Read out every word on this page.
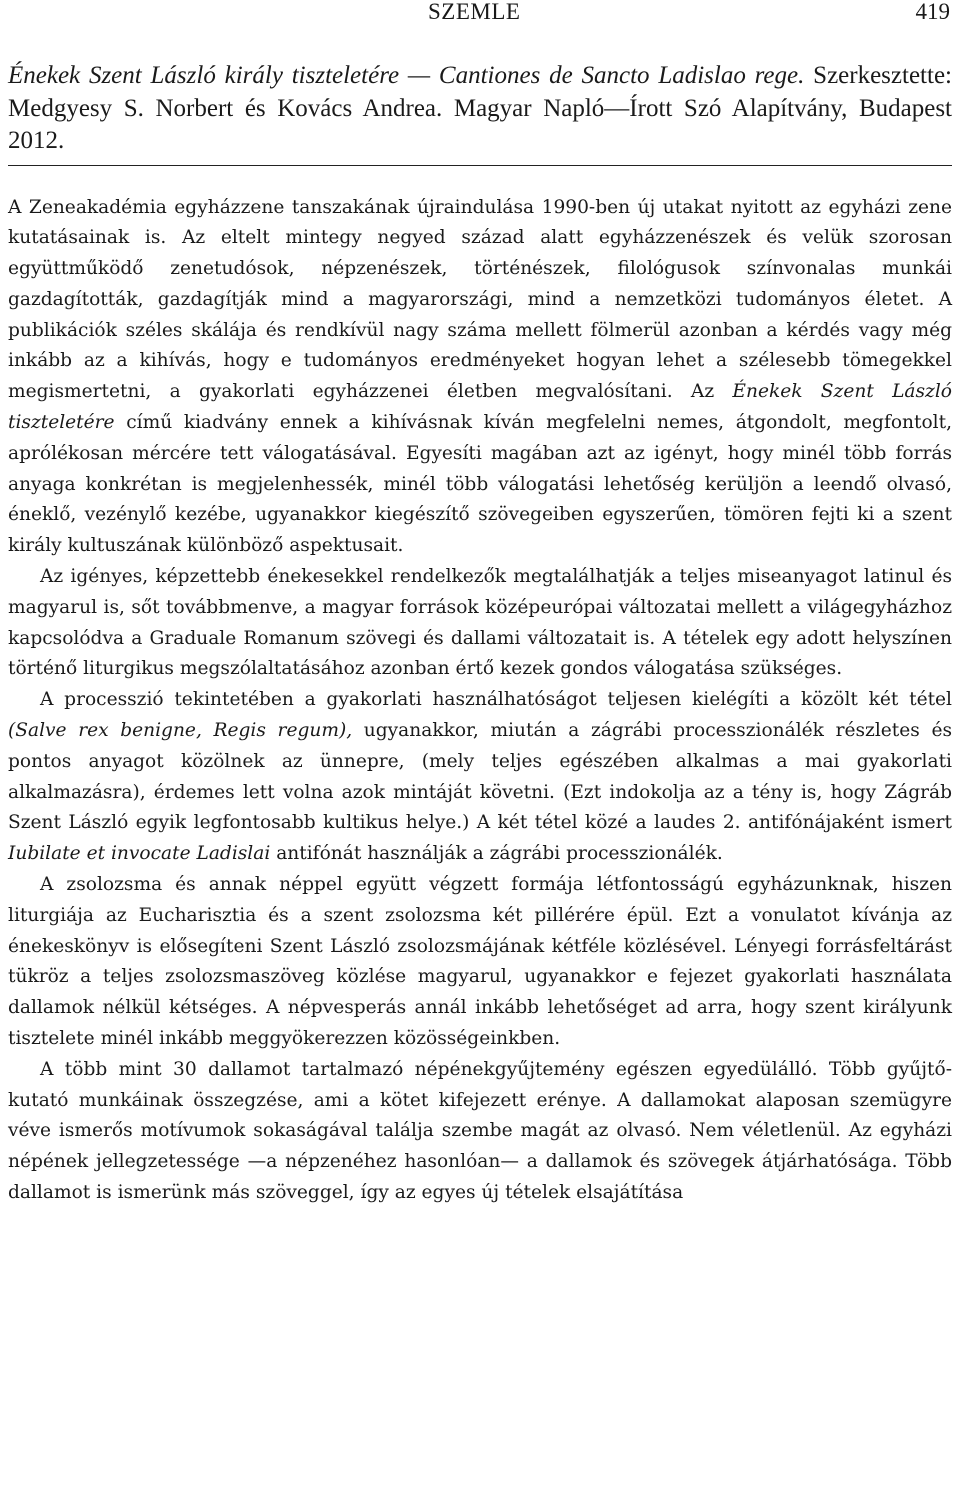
SZEMLE	419
Énekek Szent László király tiszteletére — Cantiones de Sancto Ladislao rege. Szerkesztette: Medgyesy S. Norbert és Kovács Andrea. Magyar Napló—Írott Szó Alapítvány, Budapest 2012.

A Zeneakadémia egyházzene tanszakának újraindulása 1990-ben új utakat nyitott az egyházi zene kutatásainak is. Az eltelt mintegy negyed század alatt egyházzenészek és velük szorosan együttműködő zenetudósok, népzenészek, történészek, filológusok színvonalas munkái gazdagították, gazdagítják mind a magyarországi, mind a nemzetközi tudományos életet. A publikációk széles skálája és rendkívül nagy száma mellett fölmerül azonban a kérdés vagy még inkább az a kihívás, hogy e tudományos eredményeket hogyan lehet a szélesebb tömegekkel megismertetni, a gyakorlati egyházzenei életben megvalósítani. Az Énekek Szent László tiszteletére című kiadvány ennek a kihívásnak kíván megfelelni nemes, átgondolt, megfontolt, aprólékosan mércére tett válogatásával. Egyesíti magában azt az igényt, hogy minél több forrás anyaga konkrétan is megjelenhessék, minél több válogatási lehetőség kerüljön a leendő olvasó, éneklő, vezénylő kezébe, ugyanakkor kiegészítő szövegeiben egyszerűen, tömören fejti ki a szent király kultuszának különböző aspektusait.

Az igényes, képzettebb énekesekkel rendelkezők megtalálhatják a teljes miseanyagot latinul és magyarul is, sőt továbbmenve, a magyar források középeurópai változatai mellett a világegyházhoz kapcsolódva a Graduale Romanum szövegi és dallami változatait is. A tételek egy adott helyszínen történő liturgikus megszólaltatásához azonban értő kezek gondos válogatása szükséges.

A processzió tekintetében a gyakorlati használhatóságot teljesen kielégíti a közölt két tétel (Salve rex benigne, Regis regum), ugyanakkor, miután a zágrábi processzionálék részletes és pontos anyagot közölnek az ünnepre, (mely teljes egészében alkalmas a mai gyakorlati alkalmazásra), érdemes lett volna azok mintáját követni. (Ezt indokolja az a tény is, hogy Zágráb Szent László egyik legfontosabb kultikus helye.) A két tétel közé a laudes 2. antifónájaként ismert Iubilate et invocate Ladislai antifónát használják a zágrábi processzionálék.

A zsolozsma és annak néppel együtt végzett formája létfontosságú egyházunknak, hiszen liturgiája az Eucharisztia és a szent zsolozsma két pillérére épül. Ezt a vonulatot kívánja az énekeskönyv is elősegíteni Szent László zsolozsmájának kétféle közlésével. Lényegi forrásfeltárást tükröz a teljes zsolozsmaszöveg közlése magyarul, ugyanakkor e fejezet gyakorlati használata dallamok nélkül kétséges. A népvesperás annál inkább lehetőséget ad arra, hogy szent királyunk tisztelete minél inkább meggyökerezzen közösségeinkben.

A több mint 30 dallamot tartalmazó népénekgyűjtemény egészen egyedülálló. Több gyűjtő-kutató munkáinak összegzése, ami a kötet kifejezett erénye. A dallamokat alaposan szemügyre véve ismerős motívumok sokaságával találja szembe magát az olvasó. Nem véletlenül. Az egyházi népének jellegzetessége —a népzenéhez hasonlóan— a dallamok és szövegek átjárhatósága. Több dallamot is ismerünk más szöveggel, így az egyes új tételek elsajátítása
